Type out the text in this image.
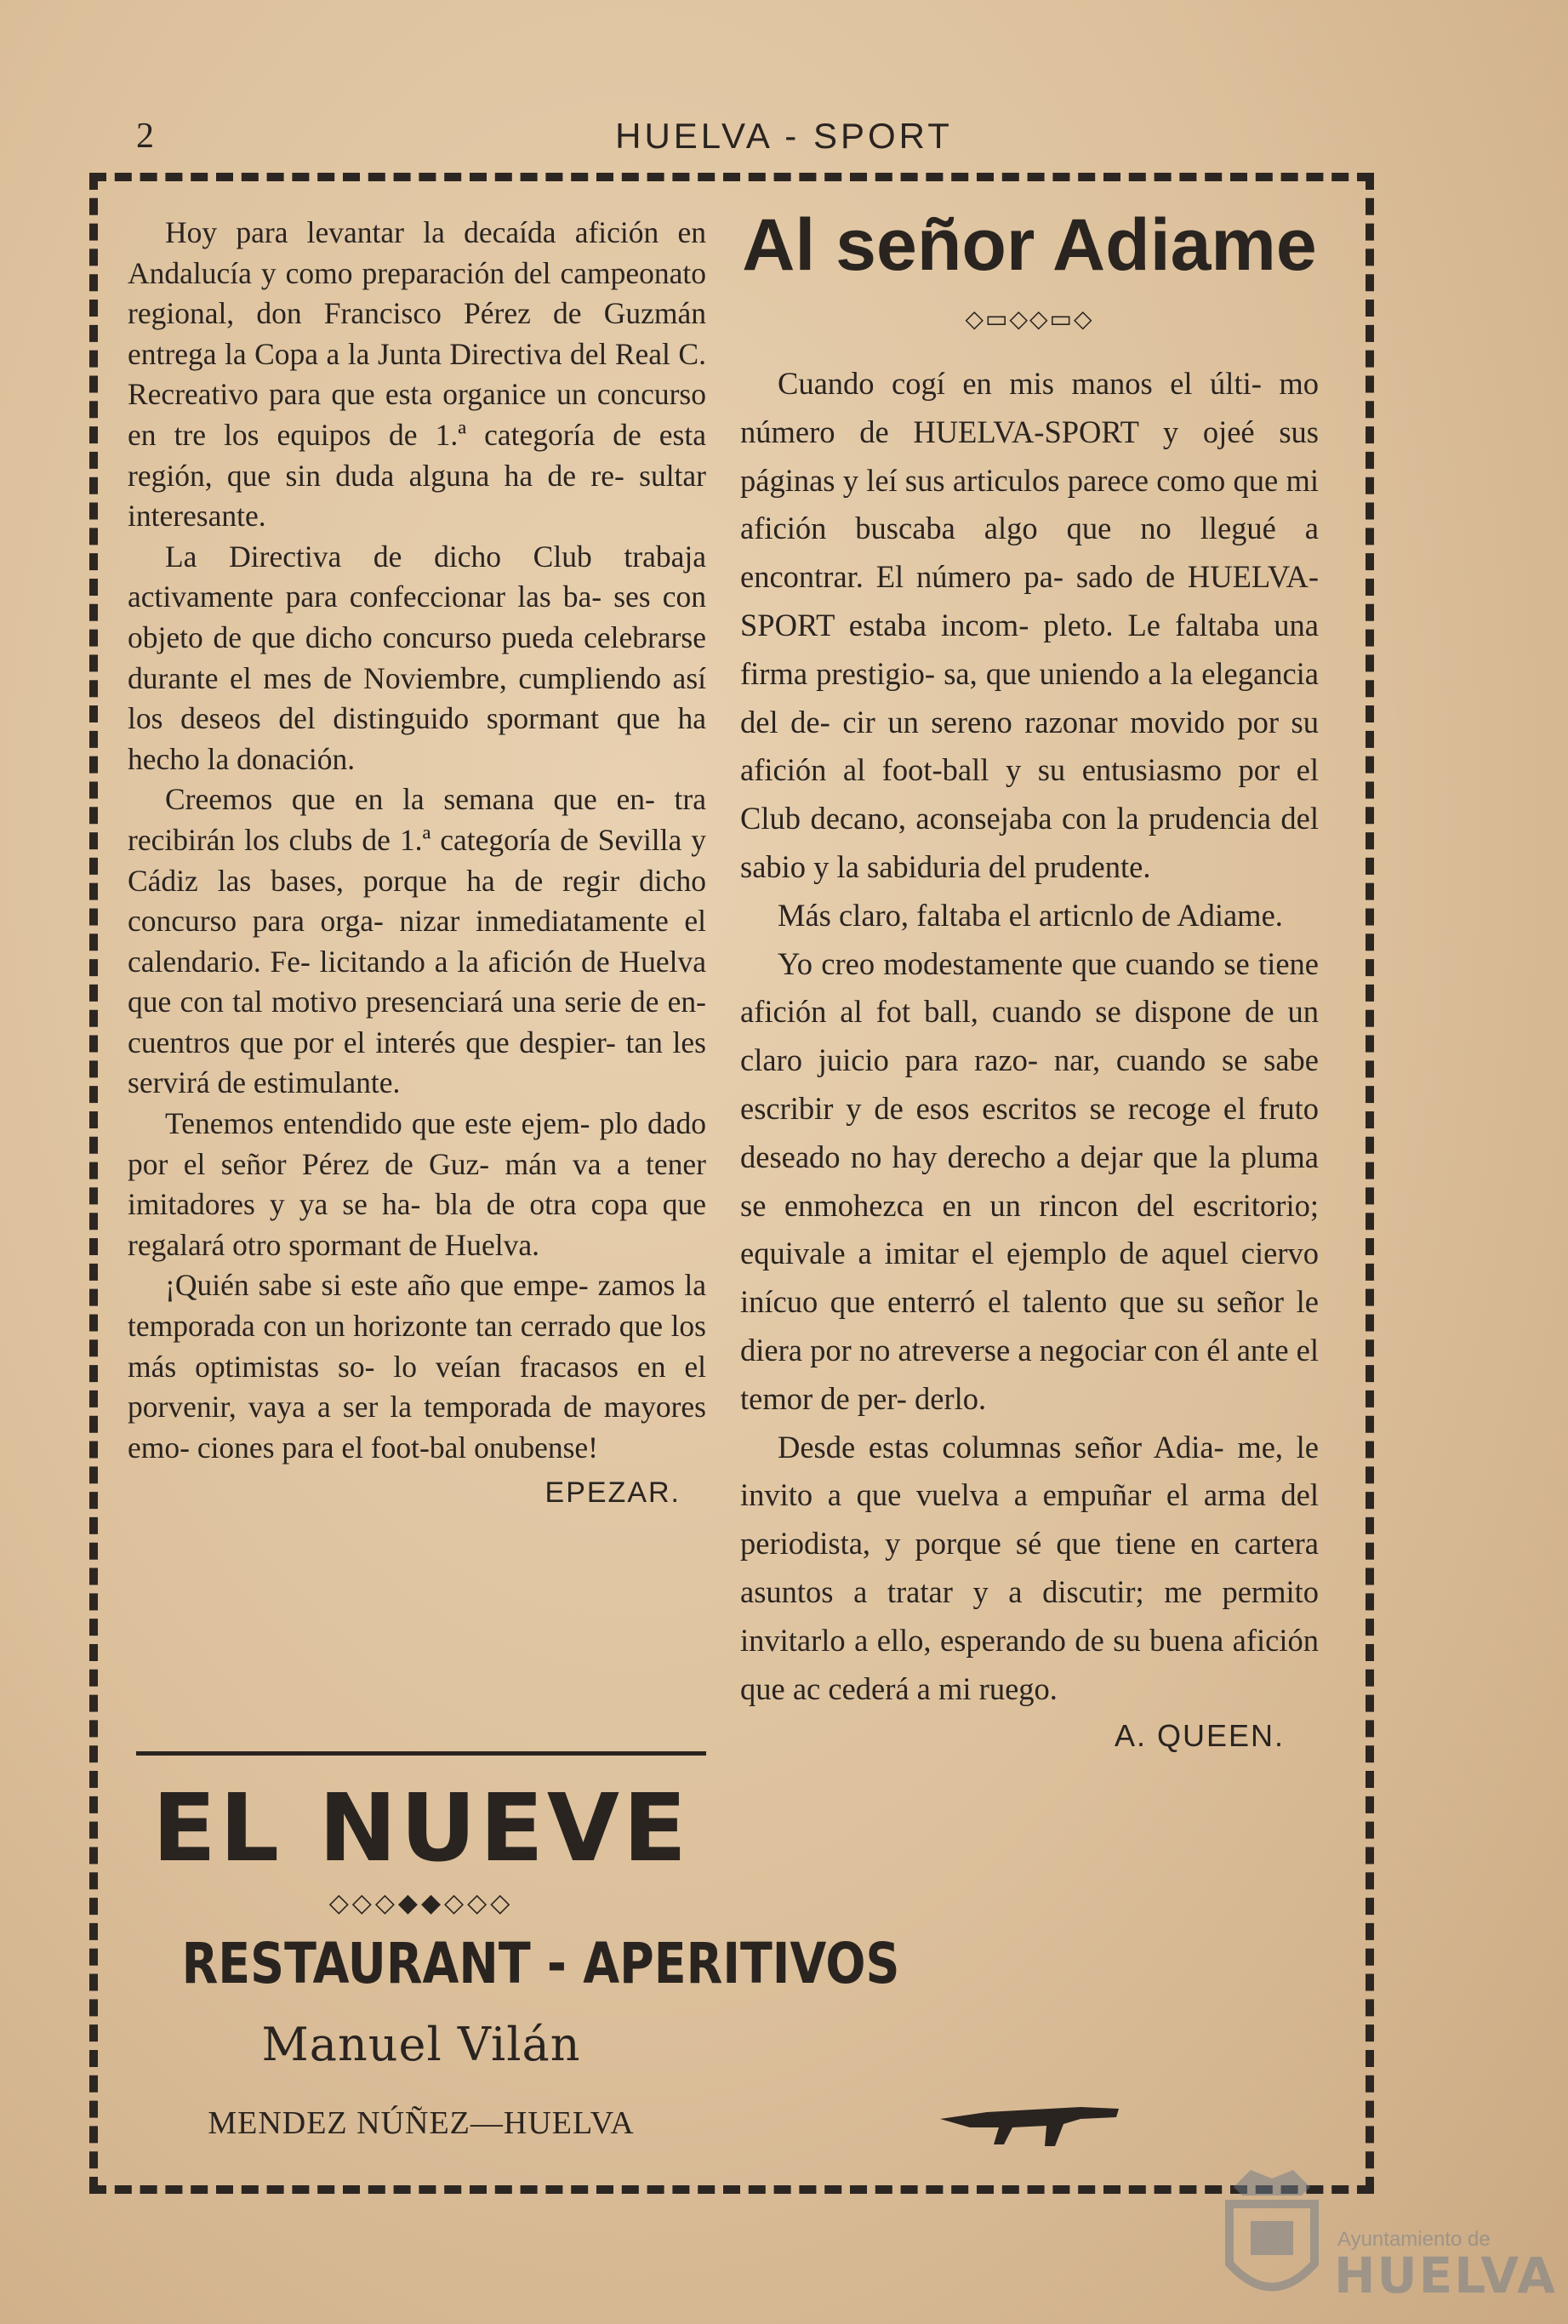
2	HUELVA - SPORT

Hoy para levantar la decaída afición en Andalucía y como preparación del campeonato regional, don Francisco Pérez de Guzmán entrega la Copa a la Junta Directiva del Real C. Recreativo para que esta organice un concurso en tre los equipos de 1.ª categoría de esta región, que sin duda alguna ha de re- sultar interesante.

La Directiva de dicho Club trabaja activamente para confeccionar las ba- ses con objeto de que dicho concurso pueda celebrarse durante el mes de Noviembre, cumpliendo así los deseos del distinguido spormant que ha hecho la donación.

Creemos que en la semana que en- tra recibirán los clubs de 1.ª categoría de Sevilla y Cádiz las bases, porque ha de regir dicho concurso para orga- nizar inmediatamente el calendario. Fe- licitando a la afición de Huelva que con tal motivo presenciará una serie de en- cuentros que por el interés que despier- tan les servirá de estimulante.

Tenemos entendido que este ejem- plo dado por el señor Pérez de Guz- mán va a tener imitadores y ya se ha- bla de otra copa que regalará otro spormant de Huelva.

¡Quién sabe si este año que empe- zamos la temporada con un horizonte tan cerrado que los más optimistas so- lo veían fracasos en el porvenir, vaya a ser la temporada de mayores emo- ciones para el foot-bal onubense!

EPEZAR.
EL NUEVE
◇◇◇◆◆◇◇◇
RESTAURANT - APERITIVOS
Manuel Vilán
MENDEZ NÚÑEZ—HUELVA
Al señor Adiame
◇▭◇◇▭◇

Cuando cogí en mis manos el últi- mo número de HUELVA-SPORT y ojeé sus páginas y leí sus articulos parece como que mi afición buscaba algo que no llegué a encontrar. El número pa- sado de HUELVA-SPORT estaba incom- pleto. Le faltaba una firma prestigio- sa, que uniendo a la elegancia del de- cir un sereno razonar movido por su afición al foot-ball y su entusiasmo por el Club decano, aconsejaba con la prudencia del sabio y la sabiduria del prudente.

Más claro, faltaba el articnlo de Adiame.

Yo creo modestamente que cuando se tiene afición al fot ball, cuando se dispone de un claro juicio para razo- nar, cuando se sabe escribir y de esos escritos se recoge el fruto deseado no hay derecho a dejar que la pluma se enmohezca en un rincon del escritorio; equivale a imitar el ejemplo de aquel ciervo inícuo que enterró el talento que su señor le diera por no atreverse a negociar con él ante el temor de per- derlo.

Desde estas columnas señor Adia- me, le invito a que vuelva a empuñar el arma del periodista, y porque sé que tiene en cartera asuntos a tratar y a discutir; me permito invitarlo a ello, esperando de su buena afición que ac cederá a mi ruego.

A. QUEEN.
Ayuntamiento de
HUELVA
